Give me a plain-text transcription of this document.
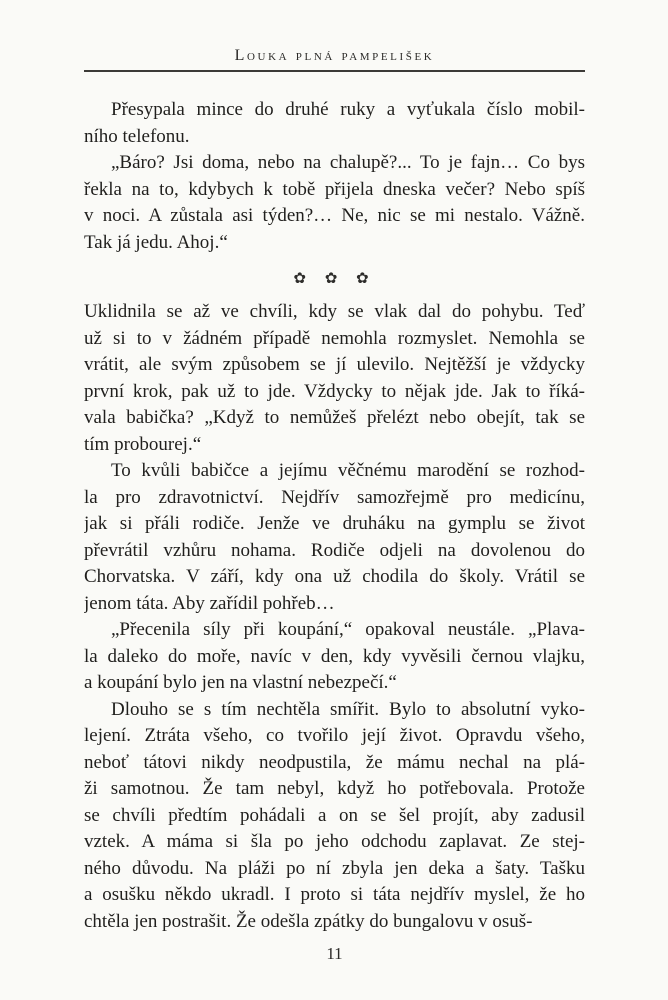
Louka plná pampelišek
Přesypala mince do druhé ruky a vyťukala číslo mobil-
ního telefonu.
„Báro? Jsi doma, nebo na chalupě?... To je fajn… Co bys
řekla na to, kdybych k tobě přijela dneska večer? Nebo spíš
v noci. A zůstala asi týden?… Ne, nic se mi nestalo. Vážně.
Tak já jedu. Ahoj.“
✿ ✿ ✿
Uklidnila se až ve chvíli, kdy se vlak dal do pohybu. Teď
už si to v žádném případě nemohla rozmyslet. Nemohla se
vrátit, ale svým způsobem se jí ulevilo. Nejtěžší je vždycky
první krok, pak už to jde. Vždycky to nějak jde. Jak to říká-
vala babička? „Když to nemůžeš přelézt nebo obejít, tak se
tím probourej.“
To kvůli babičce a jejímu věčnému marodění se rozhod-
la pro zdravotnictví. Nejdřív samozřejmě pro medicínu,
jak si přáli rodiče. Jenže ve druháku na gymplu se život
převrátil vzhůru nohama. Rodiče odjeli na dovolenou do
Chorvatska. V září, kdy ona už chodila do školy. Vrátil se
jenom táta. Aby zařídil pohřeb…
„Přecenila síly při koupání,“ opakoval neustále. „Plava-
la daleko do moře, navíc v den, kdy vyvěsili černou vlajku,
a koupání bylo jen na vlastní nebezpečí.“
Dlouho se s tím nechtěla smířit. Bylo to absolutní vyko-
lejení. Ztráta všeho, co tvořilo její život. Opravdu všeho,
neboť tátovi nikdy neodpustila, že mámu nechal na plá-
ži samotnou. Že tam nebyl, když ho potřebovala. Protože
se chvíli předtím pohádali a on se šel projít, aby zadusil
vztek. A máma si šla po jeho odchodu zaplavat. Ze stej-
ného důvodu. Na pláži po ní zbyla jen deka a šaty. Tašku
a osušku někdo ukradl. I proto si táta nejdřív myslel, že ho
chtěla jen postrašit. Že odešla zpátky do bungalovu v osuš-
11
